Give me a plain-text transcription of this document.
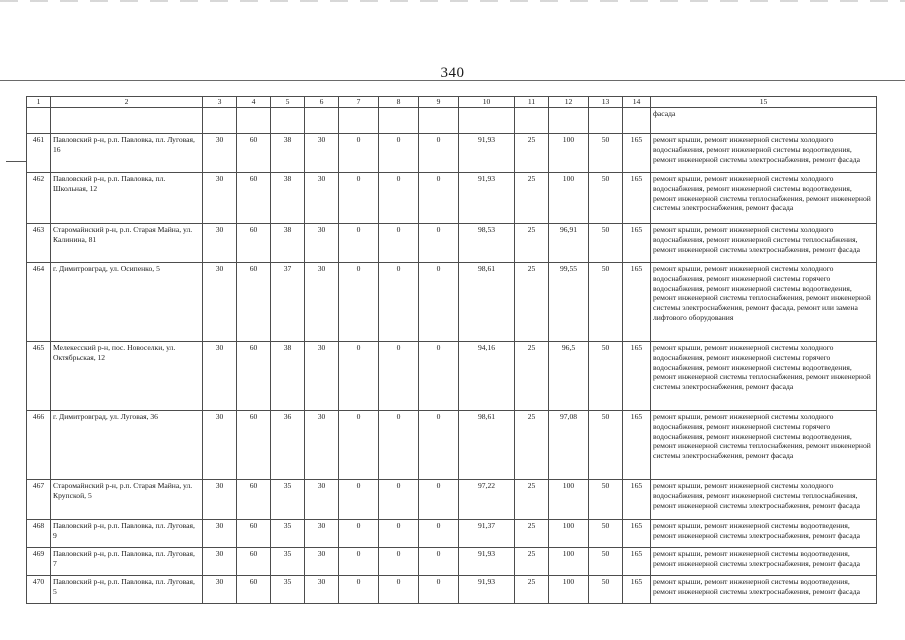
340
1	2	3	4	5	6	7	8	9	10	11	12	13	14	15
														фасада
461	Павловский р-н, р.п. Павловка, пл. Луговая, 16	30	60	38	30	0	0	0	91,93	25	100	50	165	ремонт крыши, ремонт инженерной системы холодного водоснабжения, ремонт инженерной системы водоотведения, ремонт инженерной системы электроснабжения, ремонт фасада
462	Павловский р-н, р.п. Павловка, пл. Школьная, 12	30	60	38	30	0	0	0	91,93	25	100	50	165	ремонт крыши, ремонт инженерной системы холодного водоснабжения, ремонт инженерной системы водоотведения, ремонт инженерной системы теплоснабжения, ремонт инженерной системы электроснабжения, ремонт фасада
463	Старомайнский р-н, р.п. Старая Майна, ул. Калинина, 81	30	60	38	30	0	0	0	98,53	25	96,91	50	165	ремонт крыши, ремонт инженерной системы холодного водоснабжения, ремонт инженерной системы теплоснабжения, ремонт инженерной системы электроснабжения, ремонт фасада
464	г. Димитровград, ул. Осипенко, 5	30	60	37	30	0	0	0	98,61	25	99,55	50	165	ремонт крыши, ремонт инженерной системы холодного водоснабжения, ремонт инженерной системы горячего водоснабжения, ремонт инженерной системы водоотведения, ремонт инженерной системы теплоснабжения, ремонт инженерной системы электроснабжения, ремонт фасада, ремонт или замена лифтового оборудования
465	Мелекесский р-н, пос. Новоселки, ул. Октябрьская, 12	30	60	38	30	0	0	0	94,16	25	96,5	50	165	ремонт крыши, ремонт инженерной системы холодного водоснабжения, ремонт инженерной системы горячего водоснабжения, ремонт инженерной системы водоотведения, ремонт инженерной системы теплоснабжения, ремонт инженерной системы электроснабжения, ремонт фасада
466	г. Димитровград, ул. Луговая, 36	30	60	36	30	0	0	0	98,61	25	97,08	50	165	ремонт крыши, ремонт инженерной системы холодного водоснабжения, ремонт инженерной системы горячего водоснабжения, ремонт инженерной системы водоотведения, ремонт инженерной системы теплоснабжения, ремонт инженерной системы электроснабжения, ремонт фасада
467	Старомайнский р-н, р.п. Старая Майна, ул. Крупской, 5	30	60	35	30	0	0	0	97,22	25	100	50	165	ремонт крыши, ремонт инженерной системы холодного водоснабжения, ремонт инженерной системы теплоснабжения, ремонт инженерной системы электроснабжения, ремонт фасада
468	Павловский р-н, р.п. Павловка, пл. Луговая, 9	30	60	35	30	0	0	0	91,37	25	100	50	165	ремонт крыши, ремонт инженерной системы водоотведения, ремонт инженерной системы электроснабжения, ремонт фасада
469	Павловский р-н, р.п. Павловка, пл. Луговая, 7	30	60	35	30	0	0	0	91,93	25	100	50	165	ремонт крыши, ремонт инженерной системы водоотведения, ремонт инженерной системы электроснабжения, ремонт фасада
470	Павловский р-н, р.п. Павловка, пл. Луговая, 5	30	60	35	30	0	0	0	91,93	25	100	50	165	ремонт крыши, ремонт инженерной системы водоотведения, ремонт инженерной системы электроснабжения, ремонт фасада
